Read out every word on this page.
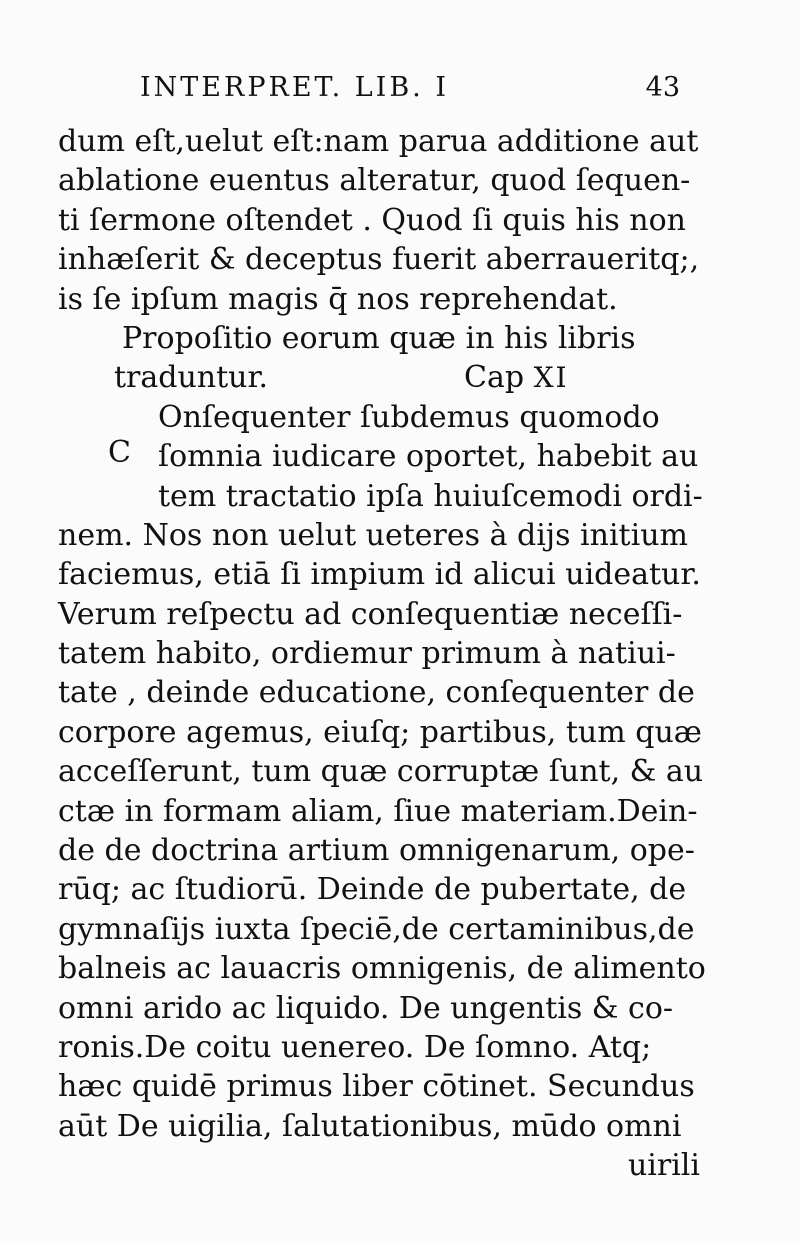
INTERPRET. LIB. I	43
dum eſt,uelut eſt:nam parua additione aut
ablatione euentus alteratur, quod ſequen-
ti ſermone oſtendet . Quod ſi quis his non
inhæſerit & deceptus fuerit aberraueritq;,
is ſe ipſum magis q̄ nos reprehendat.
Propoſitio eorum quæ in his libris
traduntur.	Cap XI
Onſequenter ſubdemus quomodo
ſomnia iudicare oportet, habebit au
tem tractatio ipſa huiuſcemodi ordi-
nem. Nos non uelut ueteres à dijs initium
faciemus, etiā ſi impium id alicui uideatur.
Verum reſpectu ad conſequentiæ neceſſi-
tatem habito, ordiemur primum à natiui-
tate , deinde educatione, conſequenter de
corpore agemus, eiuſq; partibus, tum quæ
acceſſerunt, tum quæ corruptæ ſunt, & au
ctæ in formam aliam, ſiue materiam.Dein-
de de doctrina artium omnigenarum, ope-
rūq; ac ſtudiorū. Deinde de pubertate, de
gymnaſijs iuxta ſpeciē,de certaminibus,de
balneis ac lauacris omnigenis, de alimento
omni arido ac liquido. De ungentis & co-
ronis.De coitu uenereo. De ſomno. Atq;
hæc quidē primus liber cōtinet. Secundus
aūt De uigilia, ſalutationibus, mūdo omni
uirili
C
